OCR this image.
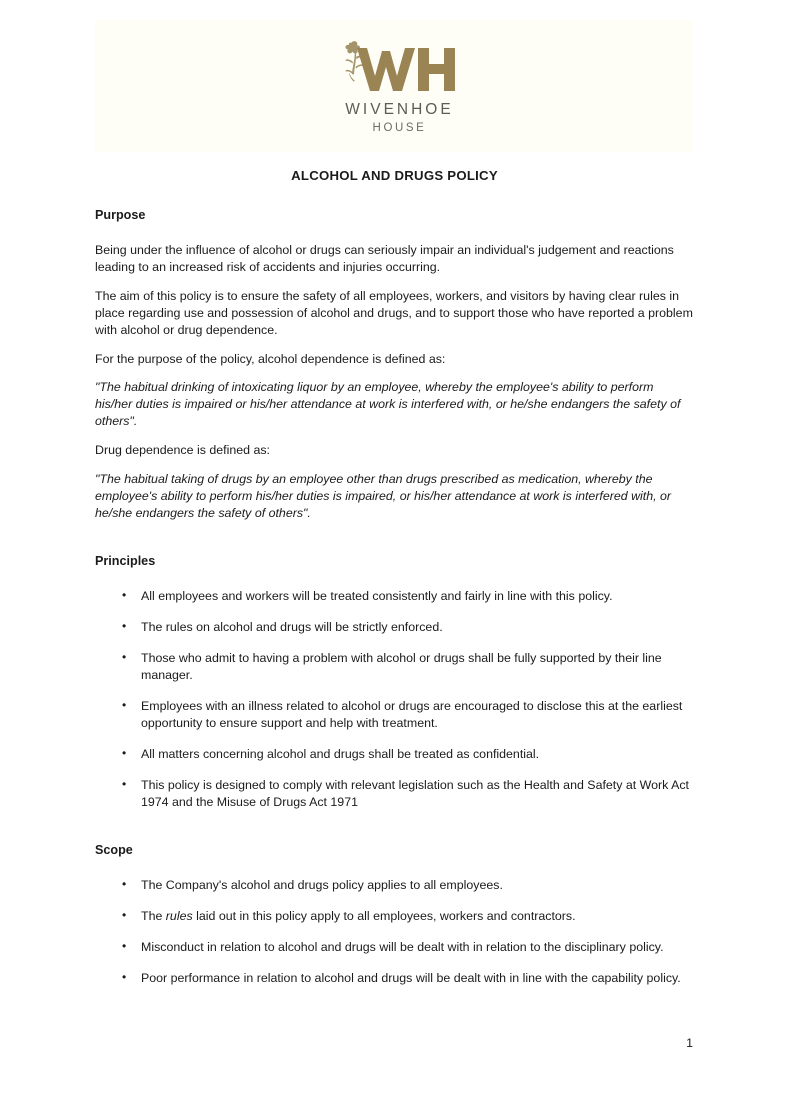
WIVENHOE
HOUSE
ALCOHOL AND DRUGS POLICY
Purpose

Being under the influence of alcohol or drugs can seriously impair an individual's judgement and reactions leading to an increased risk of accidents and injuries occurring.

The aim of this policy is to ensure the safety of all employees, workers, and visitors by having clear rules in place regarding use and possession of alcohol and drugs, and to support those who have reported a problem with alcohol or drug dependence.

For the purpose of the policy, alcohol dependence is defined as:

"The habitual drinking of intoxicating liquor by an employee, whereby the employee's ability to perform his/her duties is impaired or his/her attendance at work is interfered with, or he/she endangers the safety of others".

Drug dependence is defined as:

"The habitual taking of drugs by an employee other than drugs prescribed as medication, whereby the employee's ability to perform his/her duties is impaired, or his/her attendance at work is interfered with, or he/she endangers the safety of others".

Principles
• All employees and workers will be treated consistently and fairly in line with this policy.
• The rules on alcohol and drugs will be strictly enforced.
• Those who admit to having a problem with alcohol or drugs shall be fully supported by their line manager.
• Employees with an illness related to alcohol or drugs are encouraged to disclose this at the earliest opportunity to ensure support and help with treatment.
• All matters concerning alcohol and drugs shall be treated as confidential.
• This policy is designed to comply with relevant legislation such as the Health and Safety at Work Act 1974 and the Misuse of Drugs Act 1971
Scope
• The Company's alcohol and drugs policy applies to all employees.
• The rules laid out in this policy apply to all employees, workers and contractors.
• Misconduct in relation to alcohol and drugs will be dealt with in relation to the disciplinary policy.
• Poor performance in relation to alcohol and drugs will be dealt with in line with the capability policy.
1
